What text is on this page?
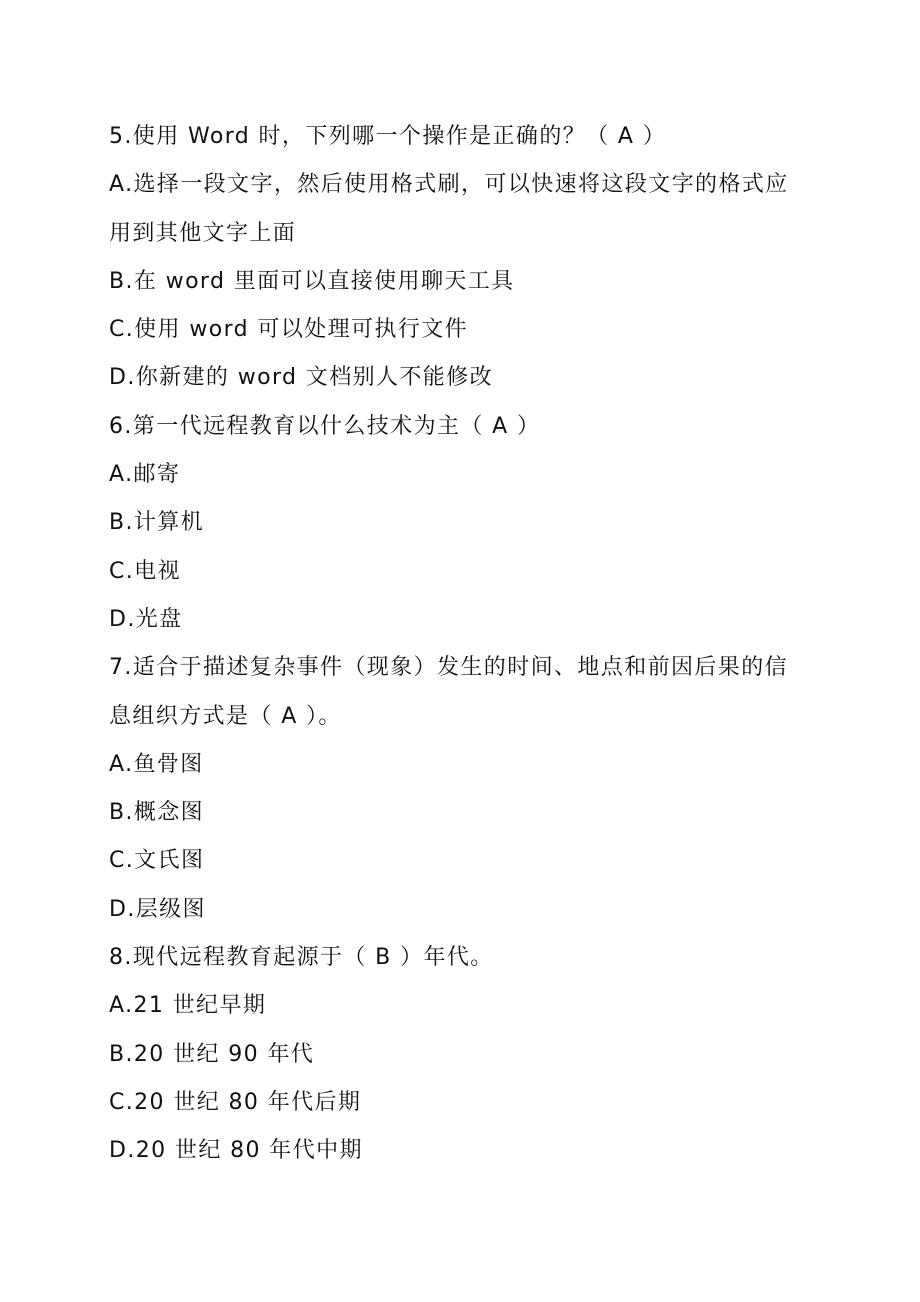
5.使用 Word 时，下列哪一个操作是正确的？（ A ）

A.选择一段文字，然后使用格式刷，可以快速将这段文字的格式应

用到其他文字上面

B.在 word 里面可以直接使用聊天工具

C.使用 word 可以处理可执行文件

D.你新建的 word 文档别人不能修改

6.第一代远程教育以什么技术为主（ A ）

A.邮寄

B.计算机

C.电视

D.光盘

7.适合于描述复杂事件（现象）发生的时间、地点和前因后果的信

息组织方式是（ A ）。

A.鱼骨图

B.概念图

C.文氏图

D.层级图

8.现代远程教育起源于（ B ）年代。

A.21 世纪早期

B.20 世纪 90 年代

C.20 世纪 80 年代后期

D.20 世纪 80 年代中期
